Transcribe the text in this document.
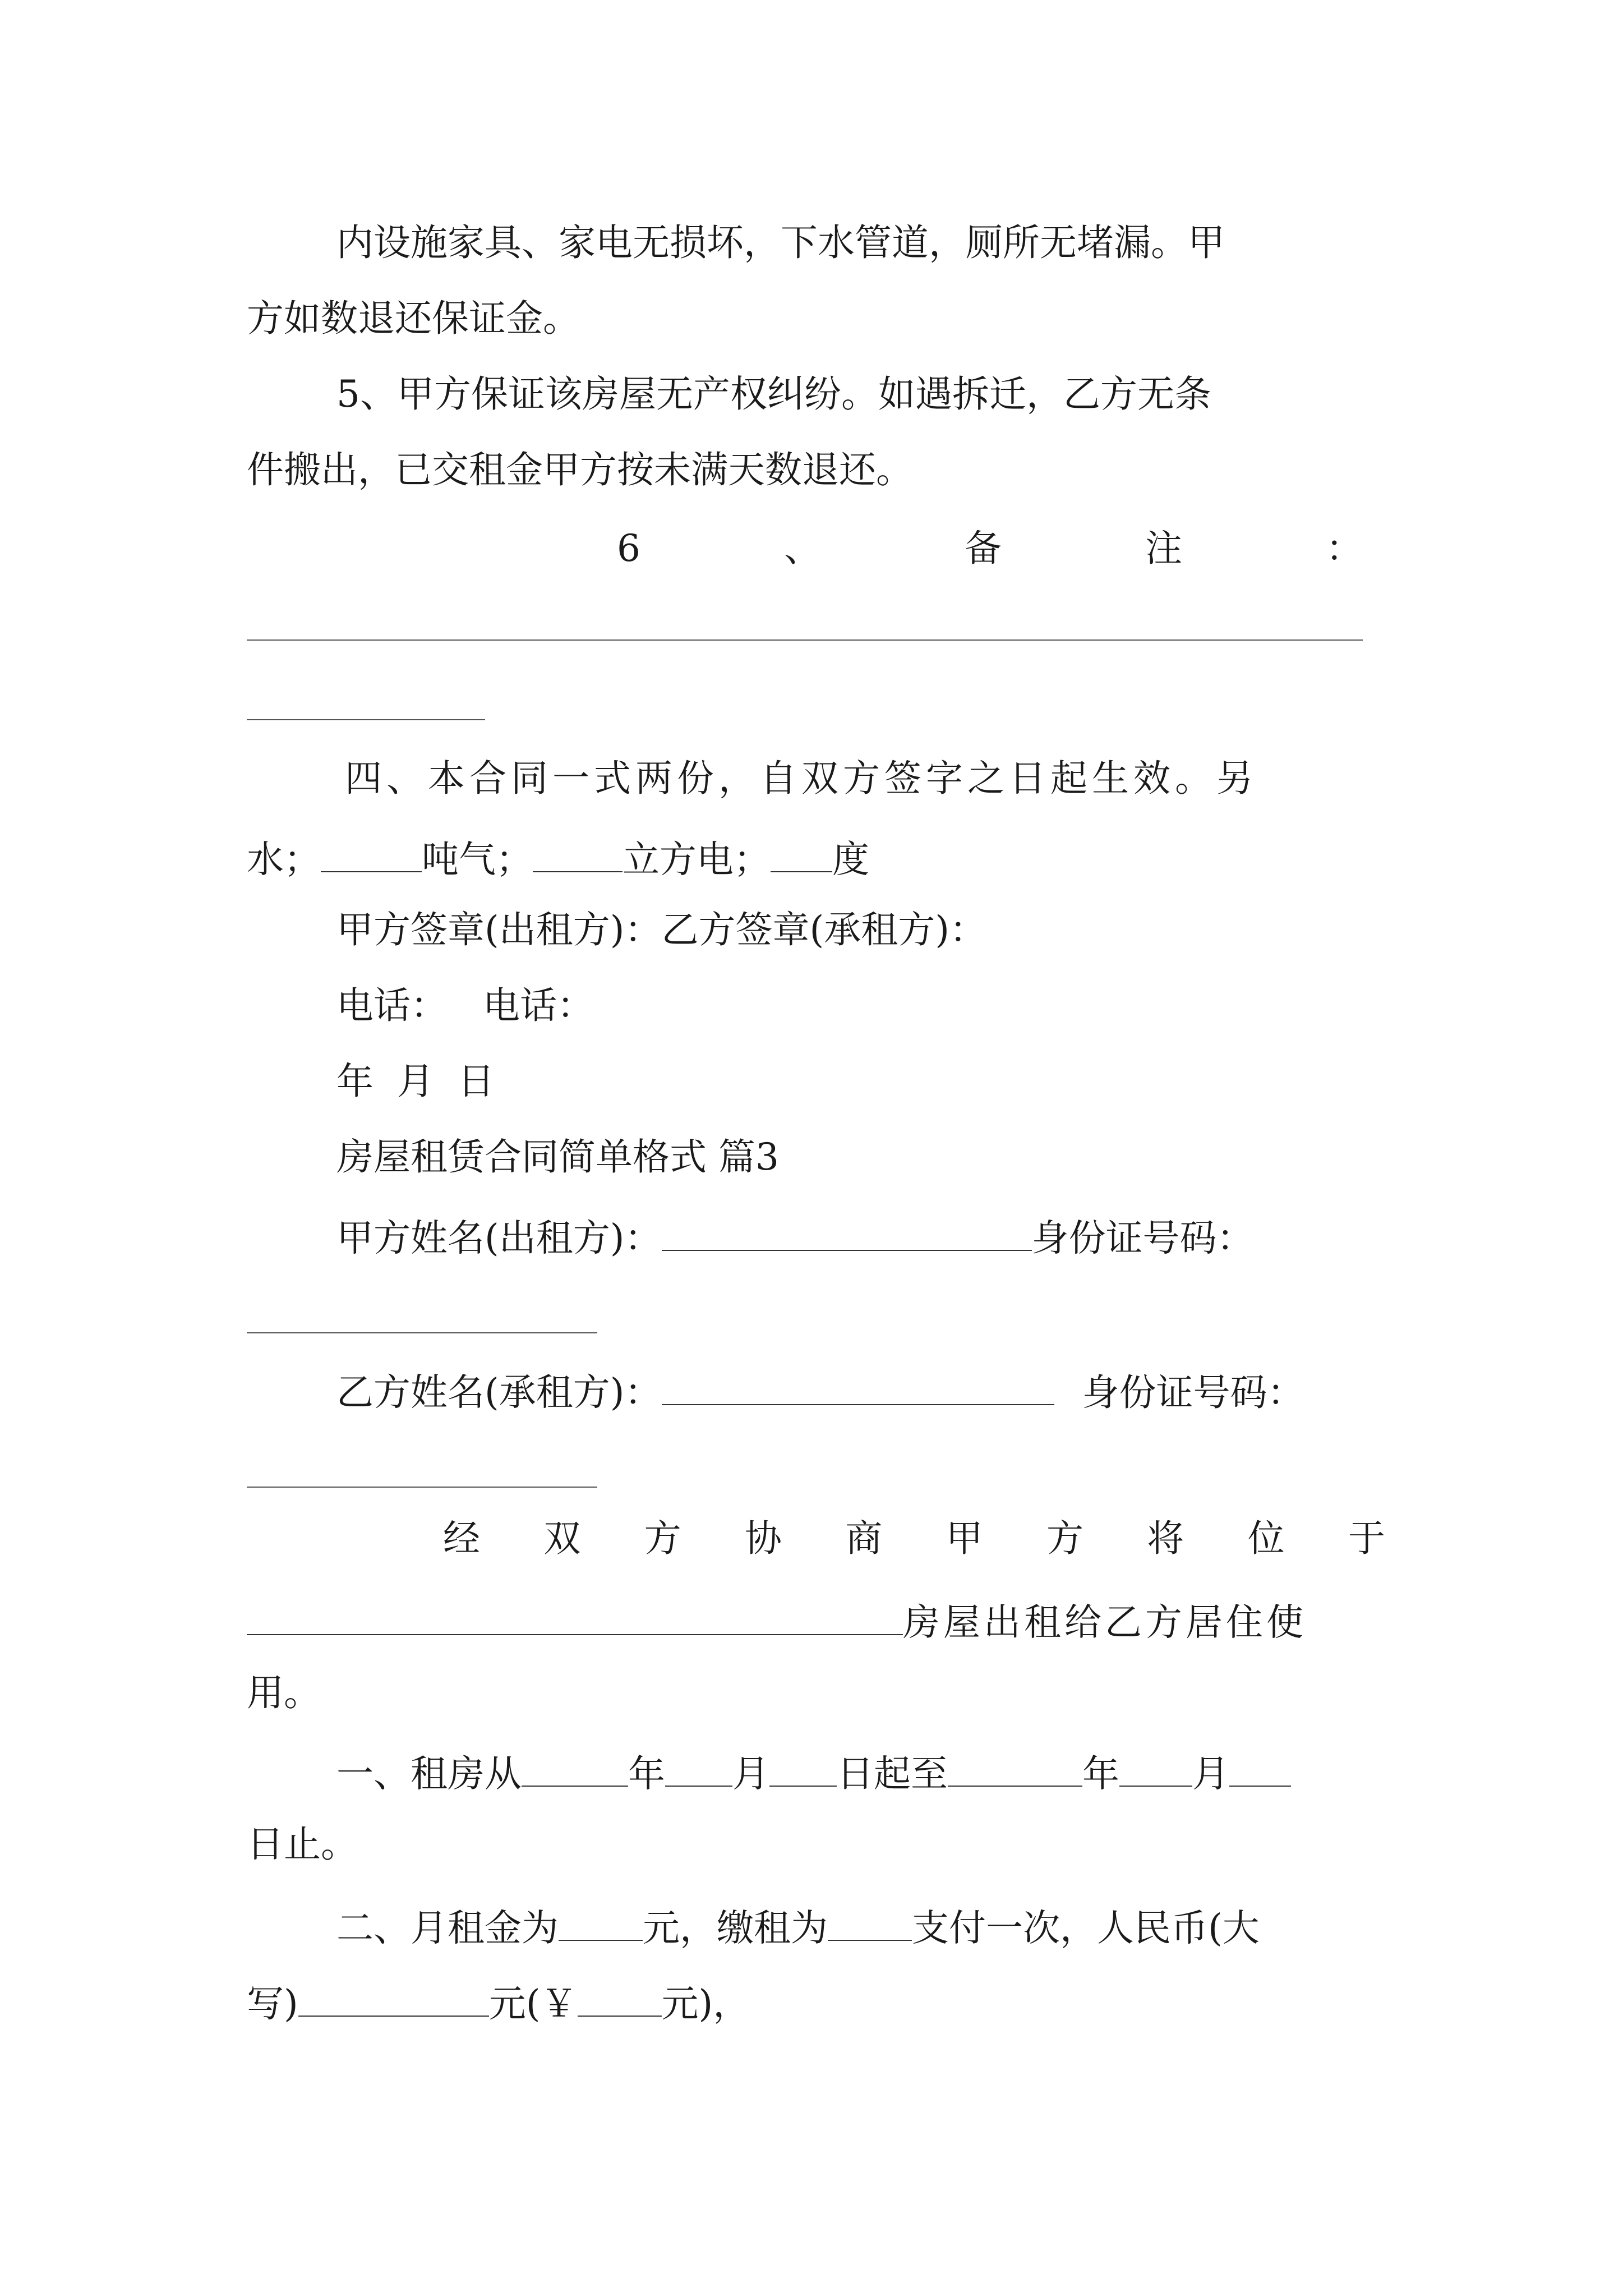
内设施家具、家电无损坏，下水管道，厕所无堵漏。甲
方如数退还保证金。
5、甲方保证该房屋无产权纠纷。如遇拆迁，乙方无条
件搬出，已交租金甲方按未满天数退还。
6	、	备	注	：
四、本合同一式两份，自双方签字之日起生效。另
水；	吨气； 立方电； 度
甲方签章(出租方)：乙方签章(承租方)：
电话：   电话：
年  月  日
房屋租赁合同简单格式 篇3
甲方姓名(出租方)：	身份证号码：
乙方姓名(承租方)：	身份证号码：
经 双 方 协 商 甲 方 将 位 于
房屋出租给乙方居住使
用。
一、租房从	年 月 日起至	年 月
日止。
二、月租金为 元，缴租为 支付一次，人民币(大
写)	元(￥ 元)，
